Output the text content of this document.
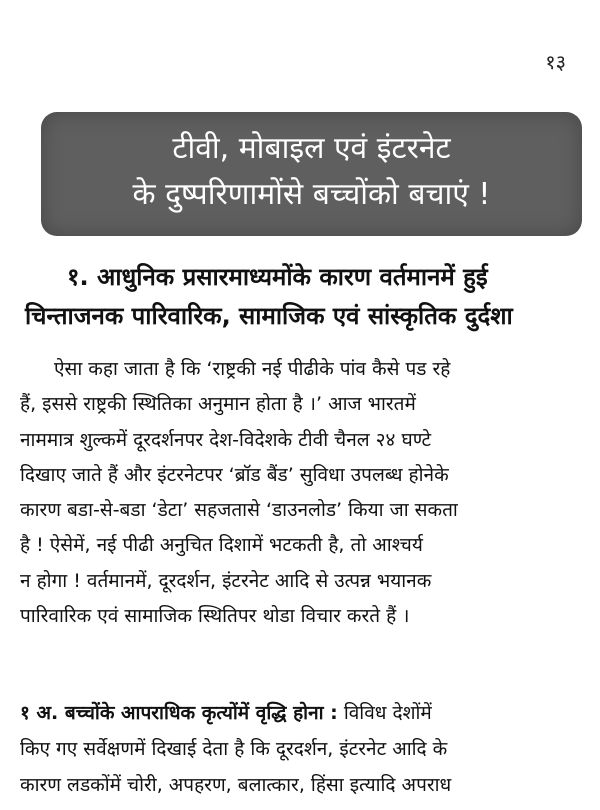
१३
टीवी, मोबाइल एवं इंटरनेट
के दुष्परिणामोंसे बच्चोंको बचाएं !
१. आधुनिक प्रसारमाध्यमोंके कारण वर्तमानमें हुई
चिन्ताजनक पारिवारिक, सामाजिक एवं सांस्कृतिक दुर्दशा
ऐसा कहा जाता है कि ‘राष्ट्रकी नई पीढीके पांव कैसे पड रहे
हैं, इससे राष्ट्रकी स्थितिका अनुमान होता है ।’ आज भारतमें
नाममात्र शुल्कमें दूरदर्शनपर देश-विदेशके टीवी चैनल २४ घण्टे
दिखाए जाते हैं और इंटरनेटपर ‘ब्रॉड बैंड’ सुविधा उपलब्ध होनेके
कारण बडा-से-बडा ‘डेटा’ सहजतासे ‘डाउनलोड’ किया जा सकता
है ! ऐसेमें, नई पीढी अनुचित दिशामें भटकती है, तो आश्चर्य
न होगा ! वर्तमानमें, दूरदर्शन, इंटरनेट आदि से उत्पन्न भयानक
पारिवारिक एवं सामाजिक स्थितिपर थोडा विचार करते हैं ।
१ अ. बच्चोंके आपराधिक कृत्योंमें वृद्धि होना : विविध देशोंमें
किए गए सर्वेक्षणमें दिखाई देता है कि दूरदर्शन, इंटरनेट आदि के
कारण लडकोंमें चोरी, अपहरण, बलात्कार, हिंसा इत्यादि अपराध
